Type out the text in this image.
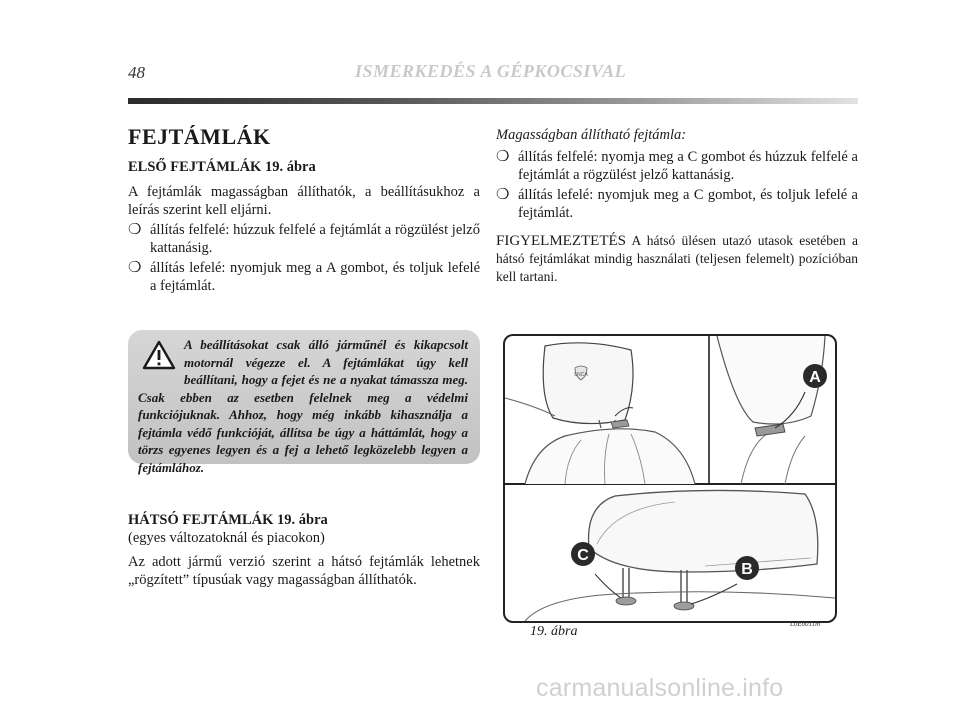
48	ISMERKEDÉS A GÉPKOCSIVAL
FEJTÁMLÁK
ELSŐ FEJTÁMLÁK 19. ábra
A fejtámlák magasságban állíthatók, a beállításukhoz a leírás szerint kell eljárni.
❍ állítás felfelé: húzzuk felfelé a fejtámlát a rögzülést jelző kattanásig.
❍ állítás lefelé: nyomjuk meg a A gombot, és toljuk lefelé a fejtámlát.
A beállításokat csak álló járműnél és kikapcsolt motornál végezze el. A fejtámlákat úgy kell beállítani, hogy a fejet és ne a nyakat támassza meg. Csak ebben az esetben felelnek meg a védelmi funkciójuknak. Ahhoz, hogy még inkább kihasználja a fejtámla védő funkcióját, állítsa be úgy a háttámlát, hogy a törzs egyenes legyen és a fej a lehető legközelebb legyen a fejtámlához.
HÁTSÓ FEJTÁMLÁK 19. ábra
(egyes változatoknál és piacokon)
Az adott jármű verzió szerint a hátsó fejtámlák lehetnek „rögzített” típusúak vagy magasságban állíthatók.
Magasságban állítható fejtámla:
❍ állítás felfelé: nyomja meg a C gombot és húzzuk felfelé a fejtámlát a rögzülést jelző kattanásig.
❍ állítás lefelé: nyomjuk meg a C gombot, és toljuk lefelé a fejtámlát.
FIGYELMEZTETÉS A hátsó ülésen utazó utasok esetében a hátsó fejtámlákat mindig használati (teljesen felemelt) pozícióban kell tartani.
A
C
B
LNCA
19. ábra	L0E0011m
carmanualsonline.info
